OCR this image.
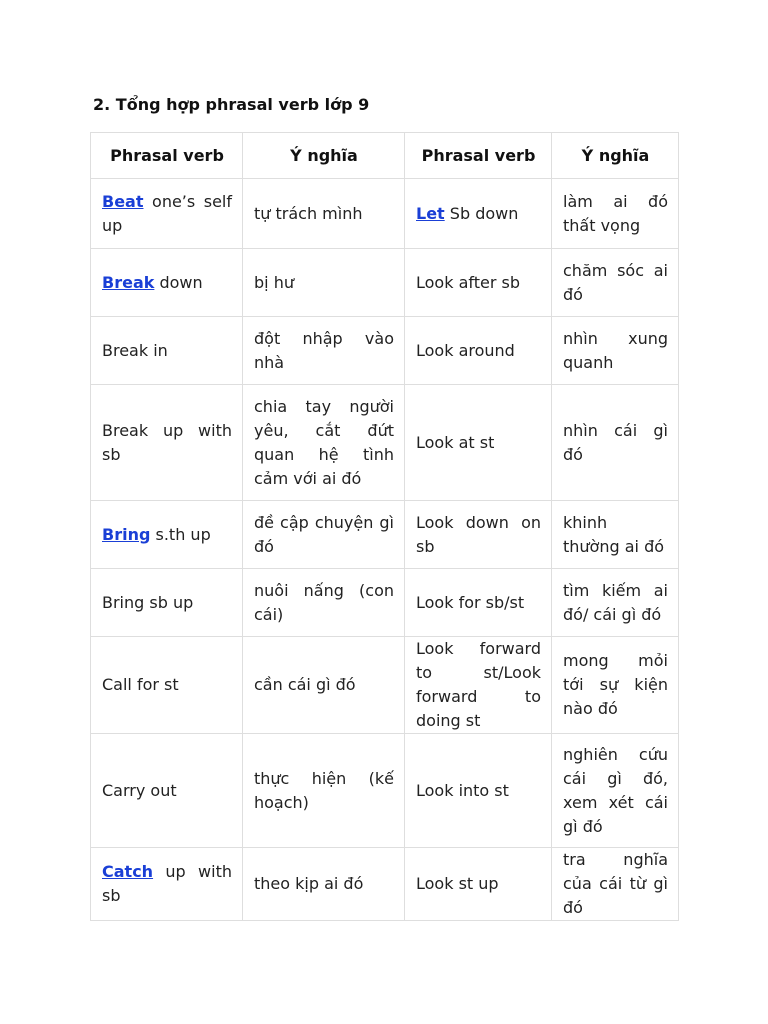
2. Tổng hợp phrasal verb lớp 9
Phrasal verb	Ý nghĩa	Phrasal verb	Ý nghĩa
Beat one’s self up	tự trách mình	Let Sb down	làm ai đó thất vọng
Break down	bị hư	Look after sb	chăm sóc ai đó
Break in	đột nhập vào nhà	Look around	nhìn xung quanh
Break up with sb	chia tay người yêu, cắt đứt quan hệ tình cảm với ai đó	Look at st	nhìn cái gì đó
Bring s.th up	đề cập chuyện gì đó	Look down on sb	khinh thường ai đó
Bring sb up	nuôi nấng (con cái)	Look for sb/st	tìm kiếm ai đó/ cái gì đó
Call for st	cần cái gì đó	Look forward to st/Look forward to doing st	mong mỏi tới sự kiện nào đó
Carry out	thực hiện (kế hoạch)	Look into st	nghiên cứu cái gì đó, xem xét cái gì đó
Catch up with sb	theo kịp ai đó	Look st up	tra nghĩa của cái từ gì đó
